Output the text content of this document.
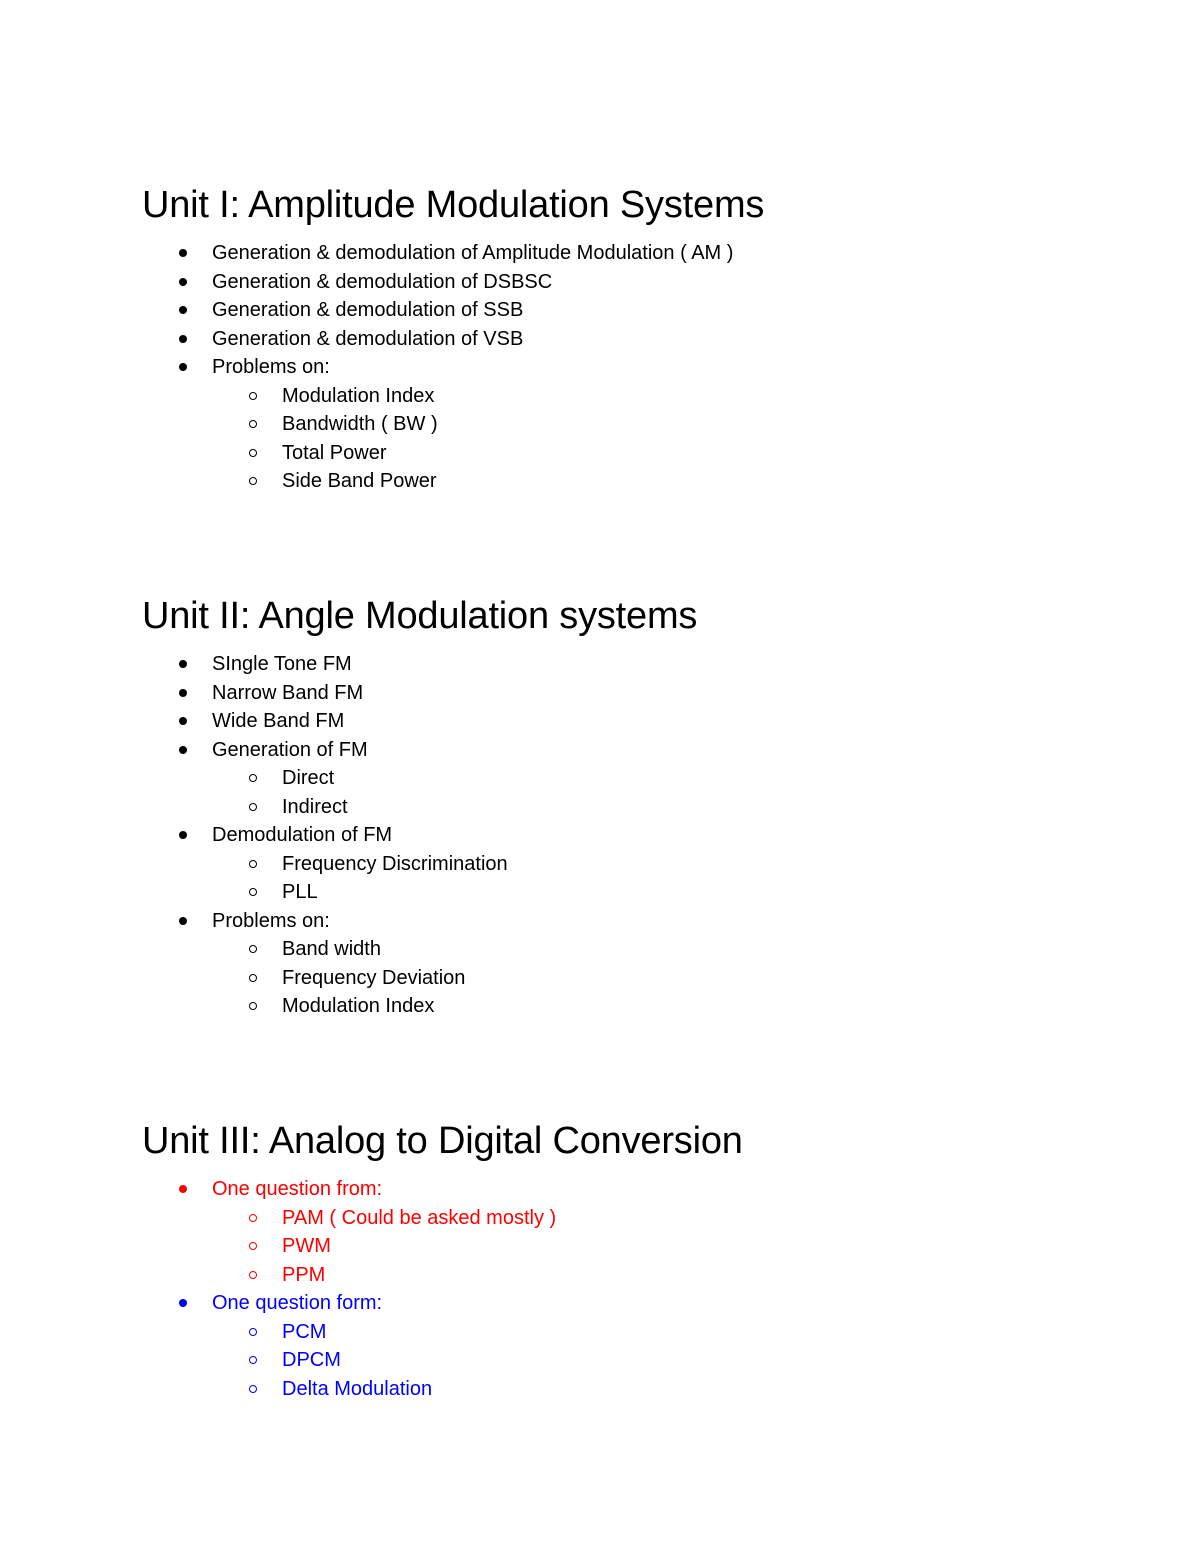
Unit I: Amplitude Modulation Systems
Generation & demodulation of Amplitude Modulation ( AM )
Generation & demodulation of DSBSC
Generation & demodulation of SSB
Generation & demodulation of VSB
Problems on:
Modulation Index
Bandwidth ( BW )
Total Power
Side Band Power
Unit II: Angle Modulation systems
SIngle Tone FM
Narrow Band FM
Wide Band FM
Generation of FM
Direct
Indirect
Demodulation of FM
Frequency Discrimination
PLL
Problems on:
Band width
Frequency Deviation
Modulation Index
Unit III: Analog to Digital Conversion
One question from:
PAM ( Could be asked mostly )
PWM
PPM
One question form:
PCM
DPCM
Delta Modulation
